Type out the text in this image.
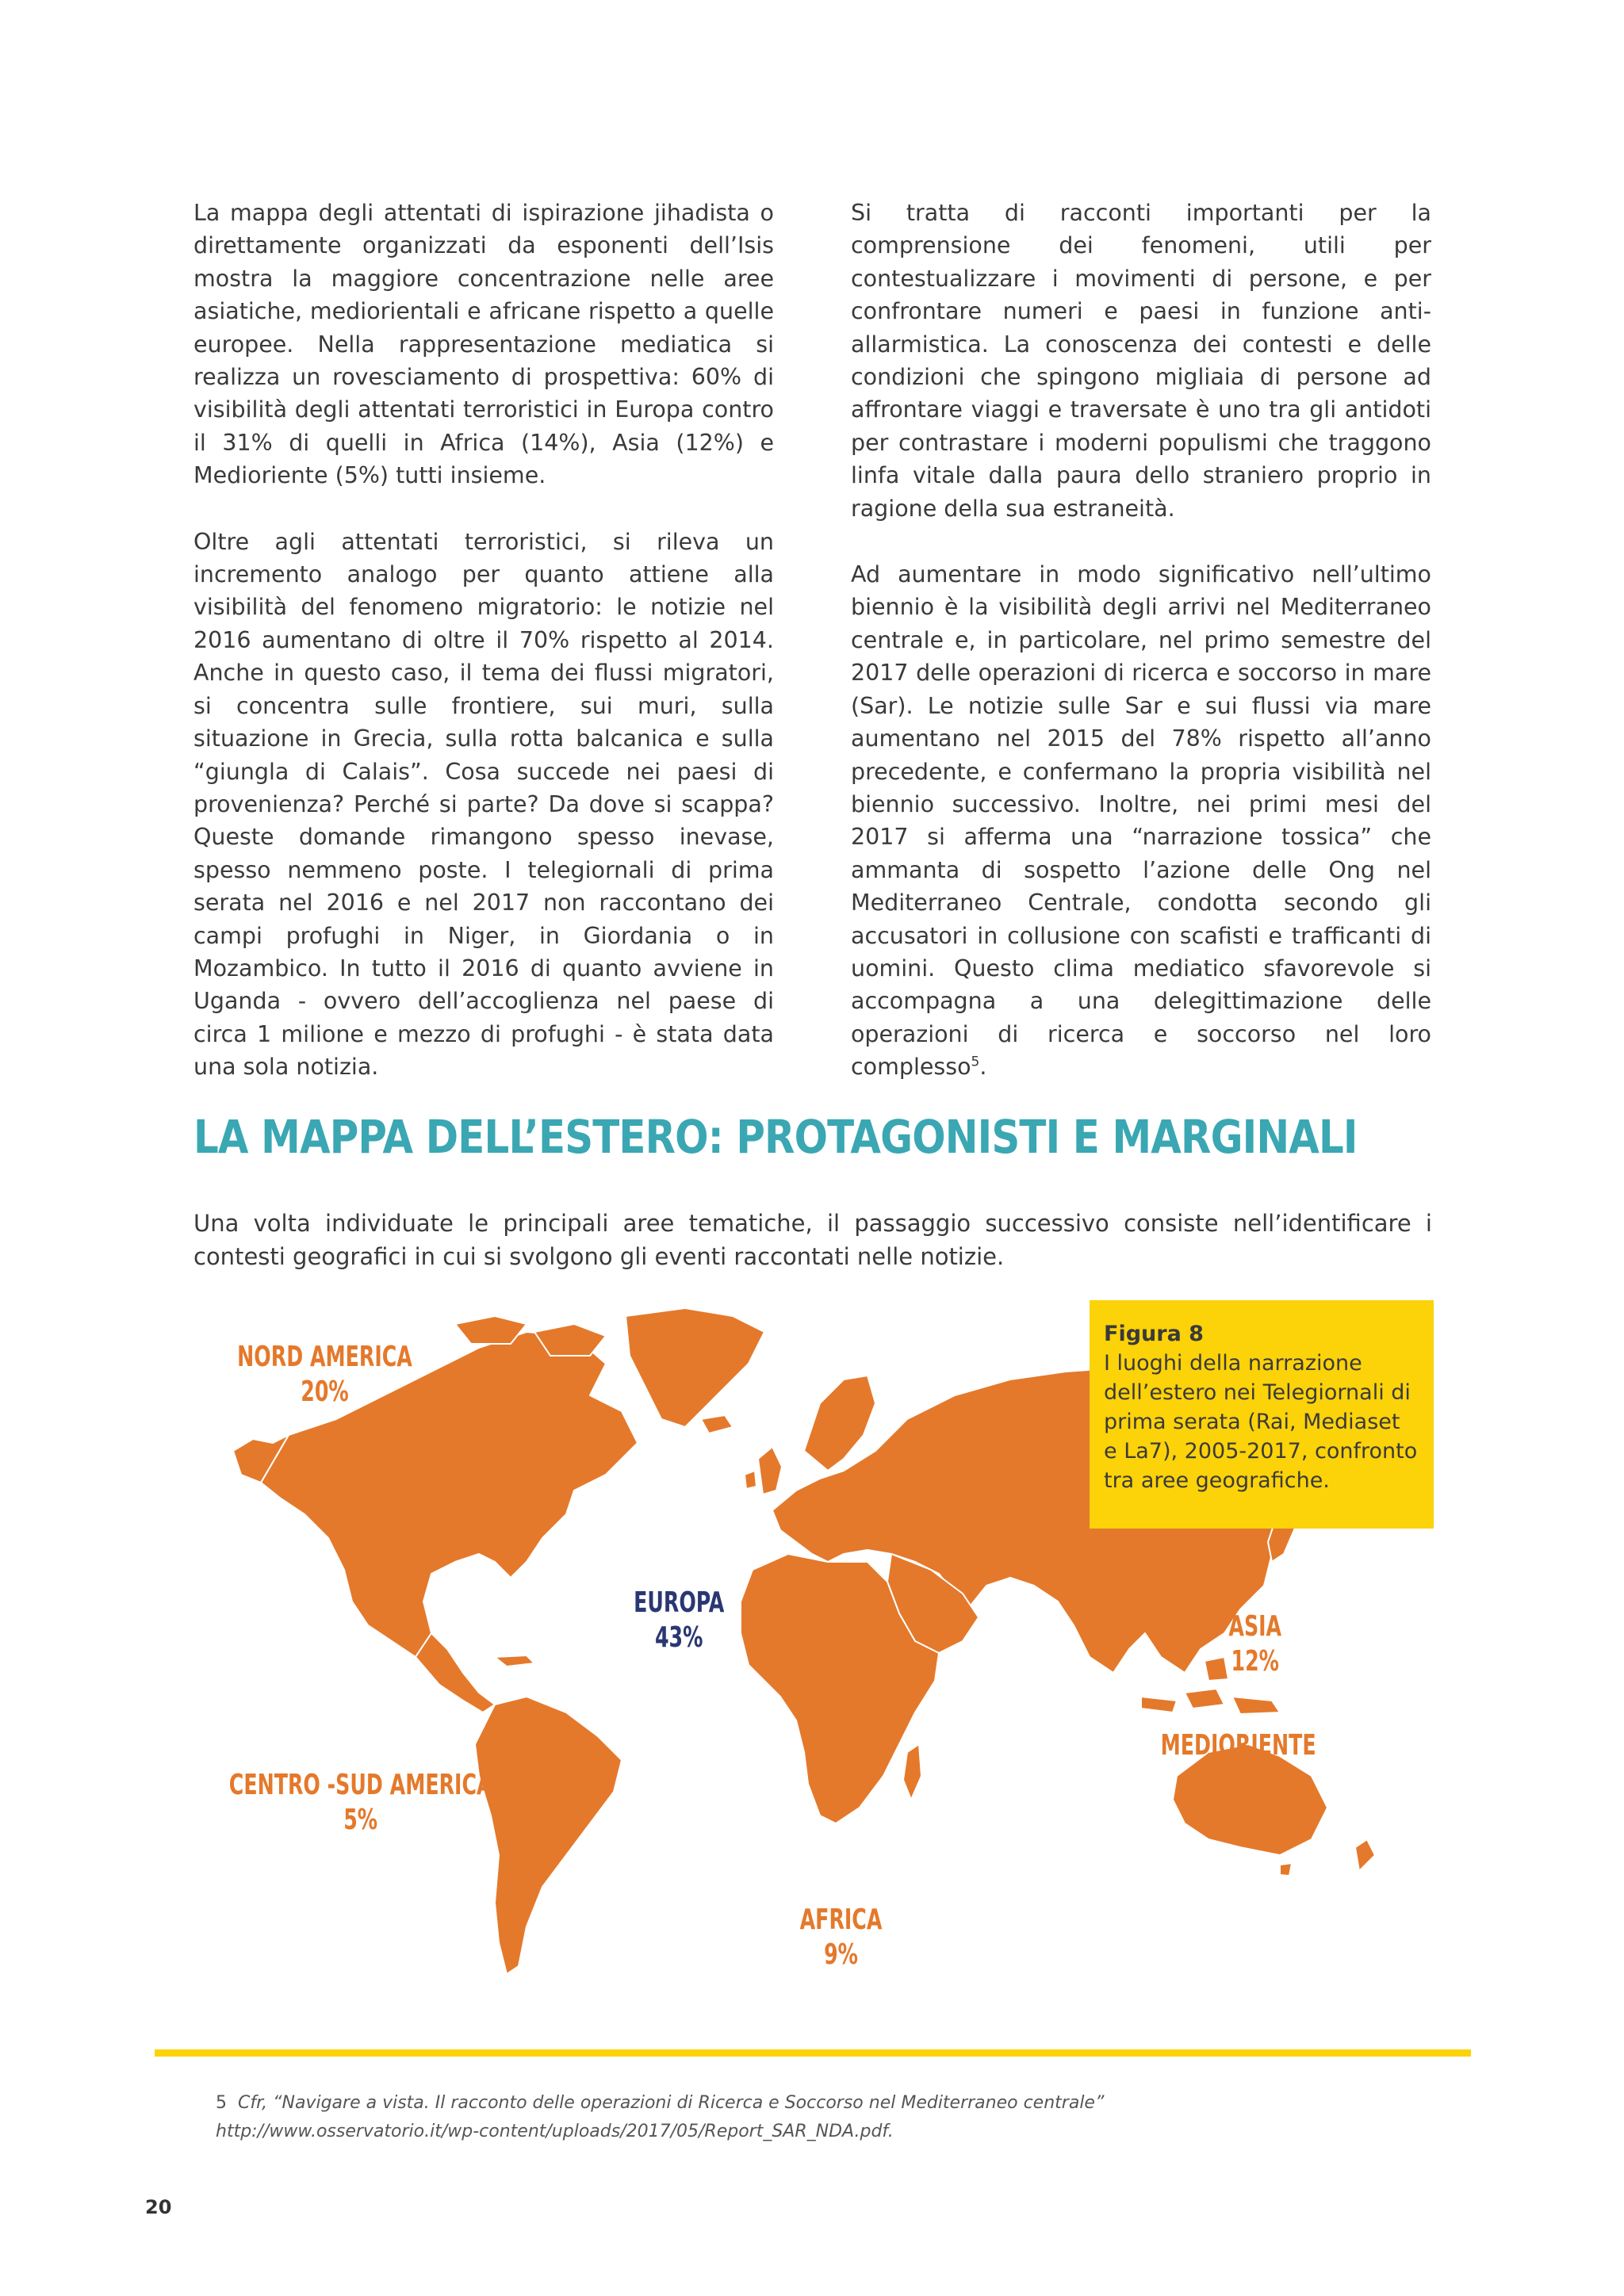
La mappa degli attentati di ispirazione jihadista o direttamente organizzati da esponenti dell’Isis mostra la maggiore concentrazione nelle aree asiatiche, mediorientali e africane rispetto a quelle europee. Nella rappresentazione mediatica si realizza un rovesciamento di prospettiva: 60% di visibilità degli attentati terroristici in Europa contro il 31% di quelli in Africa (14%), Asia (12%) e Medioriente (5%) tutti insieme.

Oltre agli attentati terroristici, si rileva un incremento analogo per quanto attiene alla visibilità del fenomeno migratorio: le notizie nel 2016 aumentano di oltre il 70% rispetto al 2014. Anche in questo caso, il tema dei flussi migratori, si concentra sulle frontiere, sui muri, sulla situazione in Grecia, sulla rotta balcanica e sulla “giungla di Calais”. Cosa succede nei paesi di provenienza? Perché si parte? Da dove si scappa? Queste domande rimangono spesso inevase, spesso nemmeno poste. I telegiornali di prima serata nel 2016 e nel 2017 non raccontano dei campi profughi in Niger, in Giordania o in Mozambico. In tutto il 2016 di quanto avviene in Uganda - ovvero dell’accoglienza nel paese di circa 1 milione e mezzo di profughi - è stata data una sola notizia.

Si tratta di racconti importanti per la comprensione dei fenomeni, utili per contestualizzare i movimenti di persone, e per confrontare numeri e paesi in funzione anti-allarmistica. La conoscenza dei contesti e delle condizioni che spingono migliaia di persone ad affrontare viaggi e traversate è uno tra gli antidoti per contrastare i moderni populismi che traggono linfa vitale dalla paura dello straniero proprio in ragione della sua estraneità.

Ad aumentare in modo significativo nell’ultimo biennio è la visibilità degli arrivi nel Mediterraneo centrale e, in particolare, nel primo semestre del 2017 delle operazioni di ricerca e soccorso in mare (Sar). Le notizie sulle Sar e sui flussi via mare aumentano nel 2015 del 78% rispetto all’anno precedente, e confermano la propria visibilità nel biennio successivo. Inoltre, nei primi mesi del 2017 si afferma una “narrazione tossica” che ammanta di sospetto l’azione delle Ong nel Mediterraneo Centrale, condotta secondo gli accusatori in collusione con scafisti e trafficanti di uomini. Questo clima mediatico sfavorevole si accompagna a una delegittimazione delle operazioni di ricerca e soccorso nel loro complesso$^5$.

LA MAPPA DELL’ESTERO: PROTAGONISTI E MARGINALI

Una volta individuate le principali aree tematiche, il passaggio successivo consiste nell’identificare i contesti geografici in cui si svolgono gli eventi raccontati nelle notizie.

NORD AMERICA
20%
EUROPA
43%	ASIA
12%
MEDIORIENTE
11%
CENTRO -SUD AMERICA
5%
AFRICA
9%
Figura 8
I luoghi della narrazione dell’estero nei Telegiornali di prima serata (Rai, Mediaset e La7), 2005-2017, confronto tra aree geografiche.
5 Cfr, “Navigare a vista. Il racconto delle operazioni di Ricerca e Soccorso nel Mediterraneo centrale”
http://www.osservatorio.it/wp-content/uploads/2017/05/Report_SAR_NDA.pdf.
20
